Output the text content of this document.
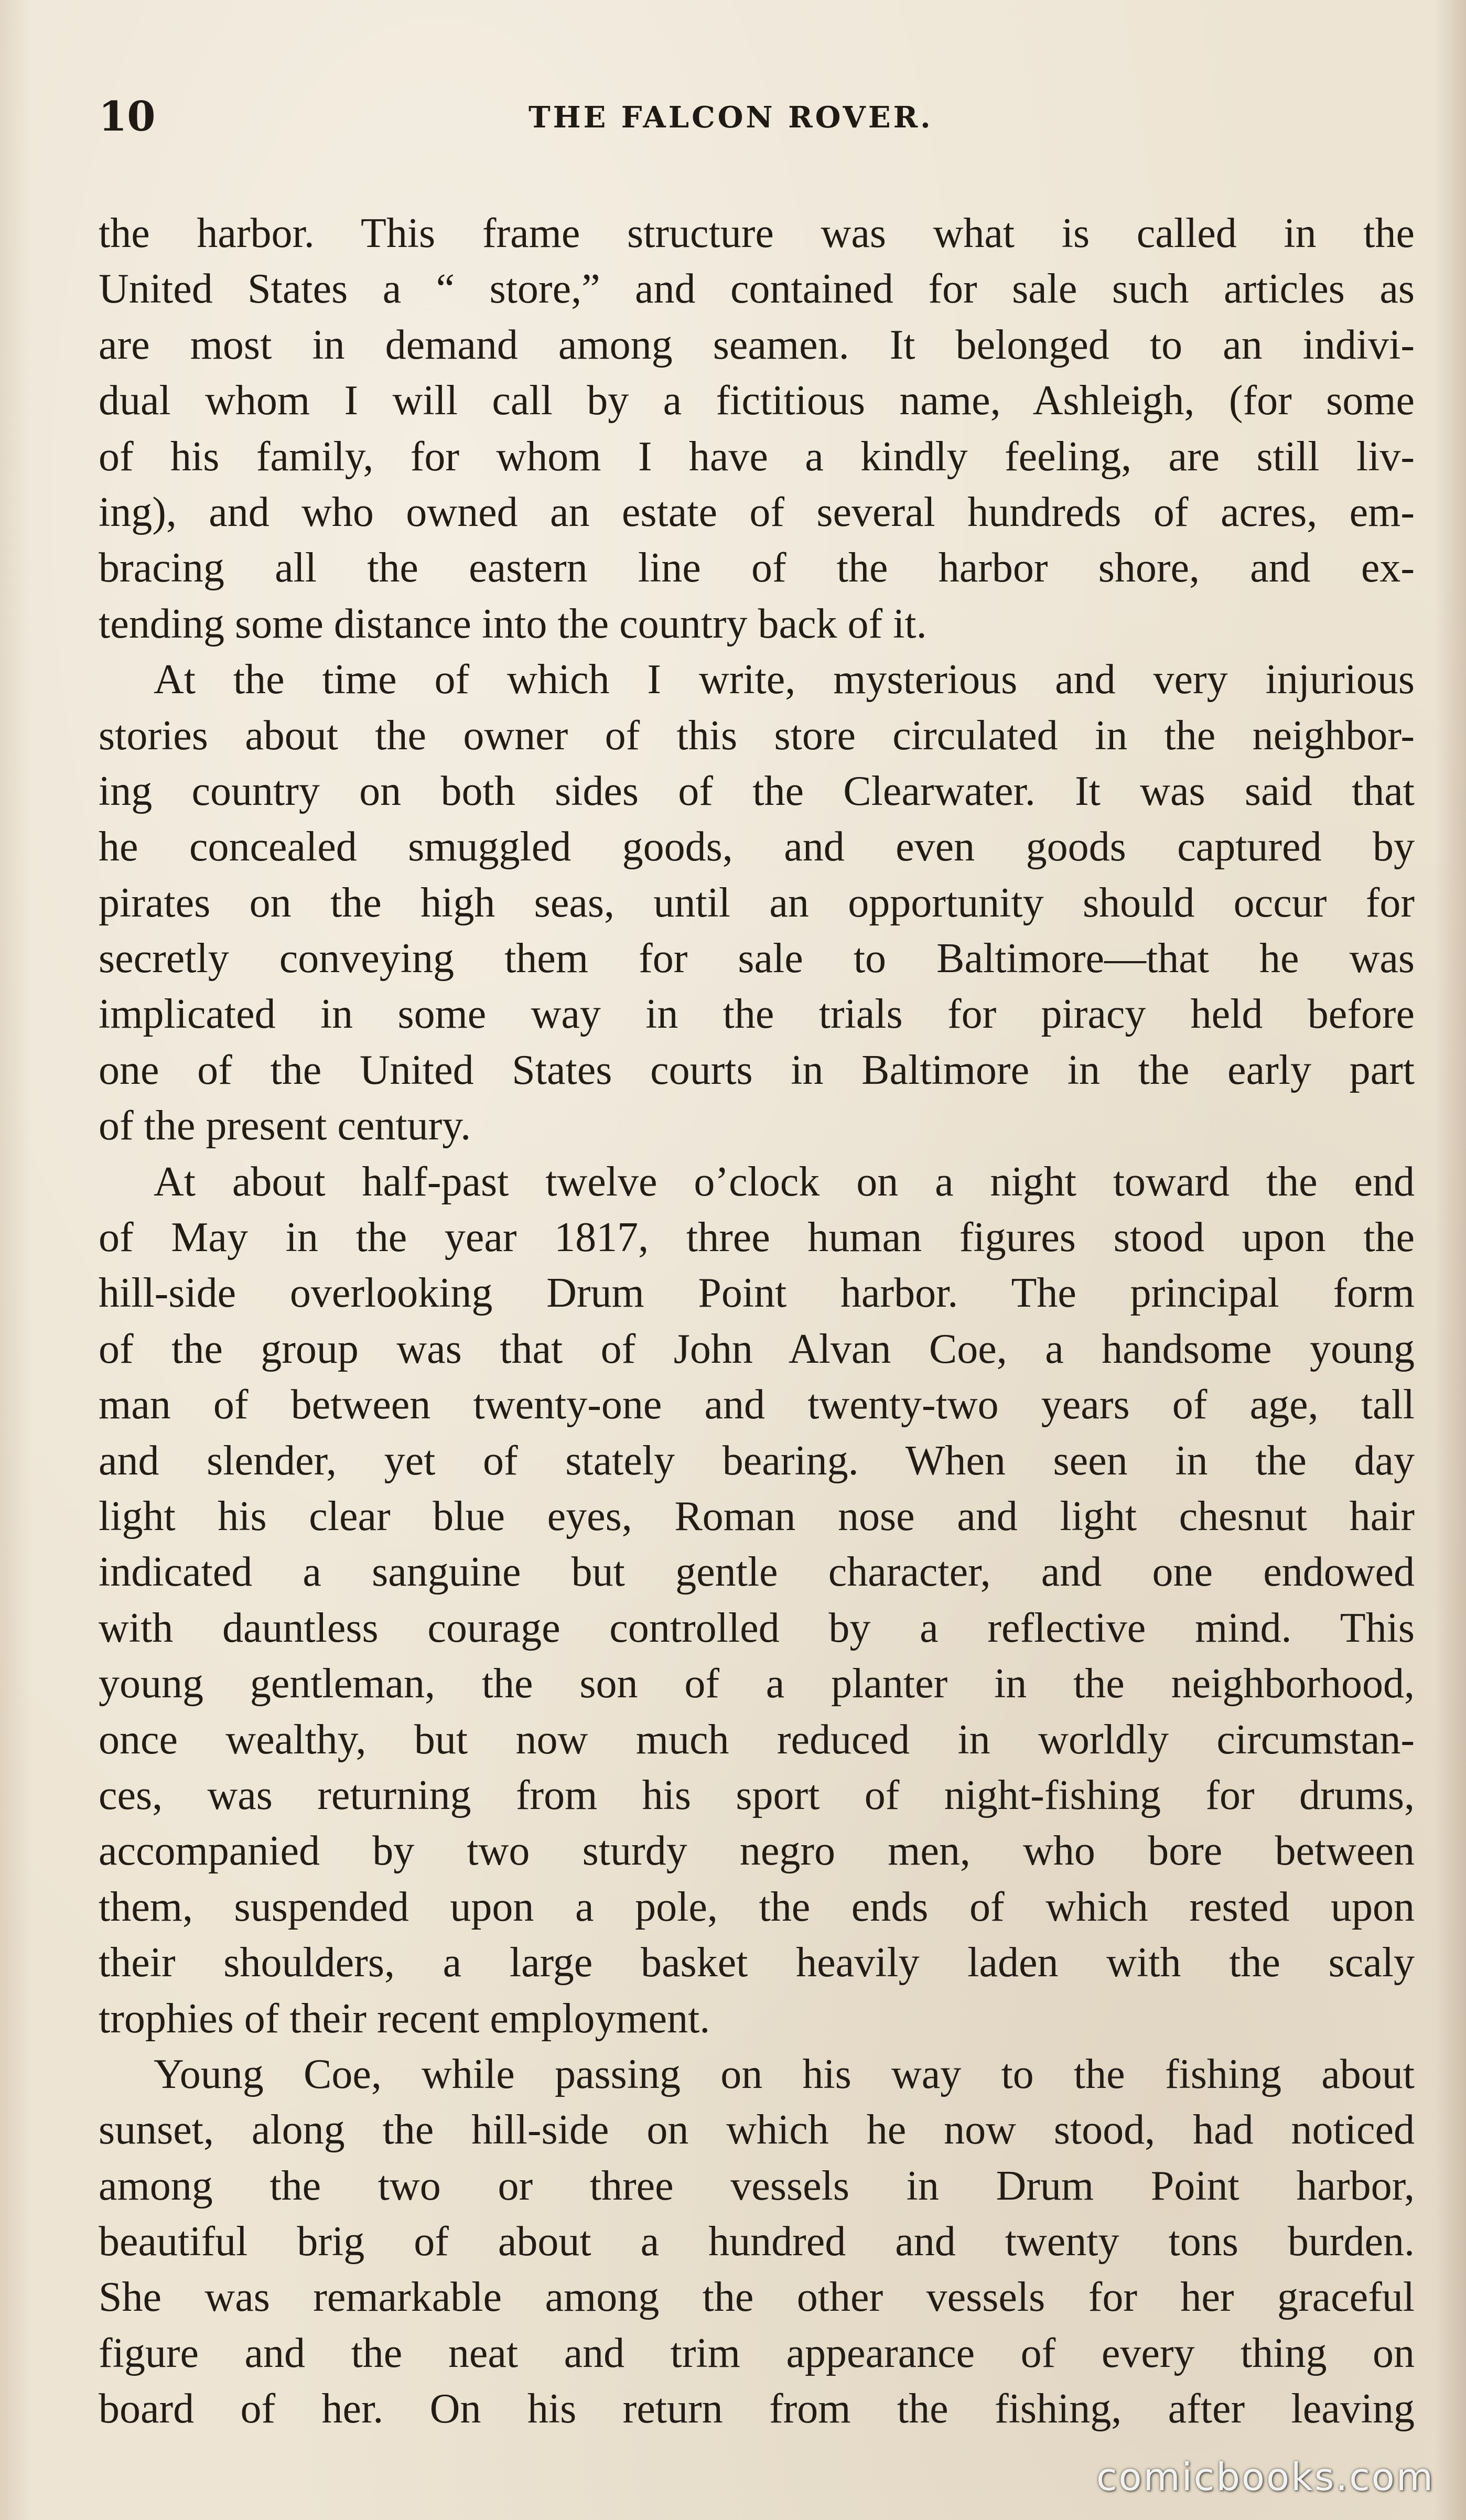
10	THE FALCON ROVER.
the harbor. This frame structure was what is called in the
United States a “ store,” and contained for sale such articles as
are most in demand among seamen. It belonged to an indivi-
dual whom I will call by a fictitious name, Ashleigh, (for some
of his family, for whom I have a kindly feeling, are still liv-
ing), and who owned an estate of several hundreds of acres, em-
bracing all the eastern line of the harbor shore, and ex-
tending some distance into the country back of it.
At the time of which I write, mysterious and very injurious
stories about the owner of this store circulated in the neighbor-
ing country on both sides of the Clearwater. It was said that
he concealed smuggled goods, and even goods captured by
pirates on the high seas, until an opportunity should occur for
secretly conveying them for sale to Baltimore—that he was
implicated in some way in the trials for piracy held before
one of the United States courts in Baltimore in the early part
of the present century.
At about half-past twelve o’clock on a night toward the end
of May in the year 1817, three human figures stood upon the
hill-side overlooking Drum Point harbor. The principal form
of the group was that of John Alvan Coe, a handsome young
man of between twenty-one and twenty-two years of age, tall
and slender, yet of stately bearing. When seen in the day
light his clear blue eyes, Roman nose and light chesnut hair
indicated a sanguine but gentle character, and one endowed
with dauntless courage controlled by a reflective mind. This
young gentleman, the son of a planter in the neighborhood,
once wealthy, but now much reduced in worldly circumstan-
ces, was returning from his sport of night-fishing for drums,
accompanied by two sturdy negro men, who bore between
them, suspended upon a pole, the ends of which rested upon
their shoulders, a large basket heavily laden with the scaly
trophies of their recent employment.
Young Coe, while passing on his way to the fishing about
sunset, along the hill-side on which he now stood, had noticed
among the two or three vessels in Drum Point harbor,
beautiful brig of about a hundred and twenty tons burden.
She was remarkable among the other vessels for her graceful
figure and the neat and trim appearance of every thing on
board of her. On his return from the fishing, after leaving
comicbooks.com
